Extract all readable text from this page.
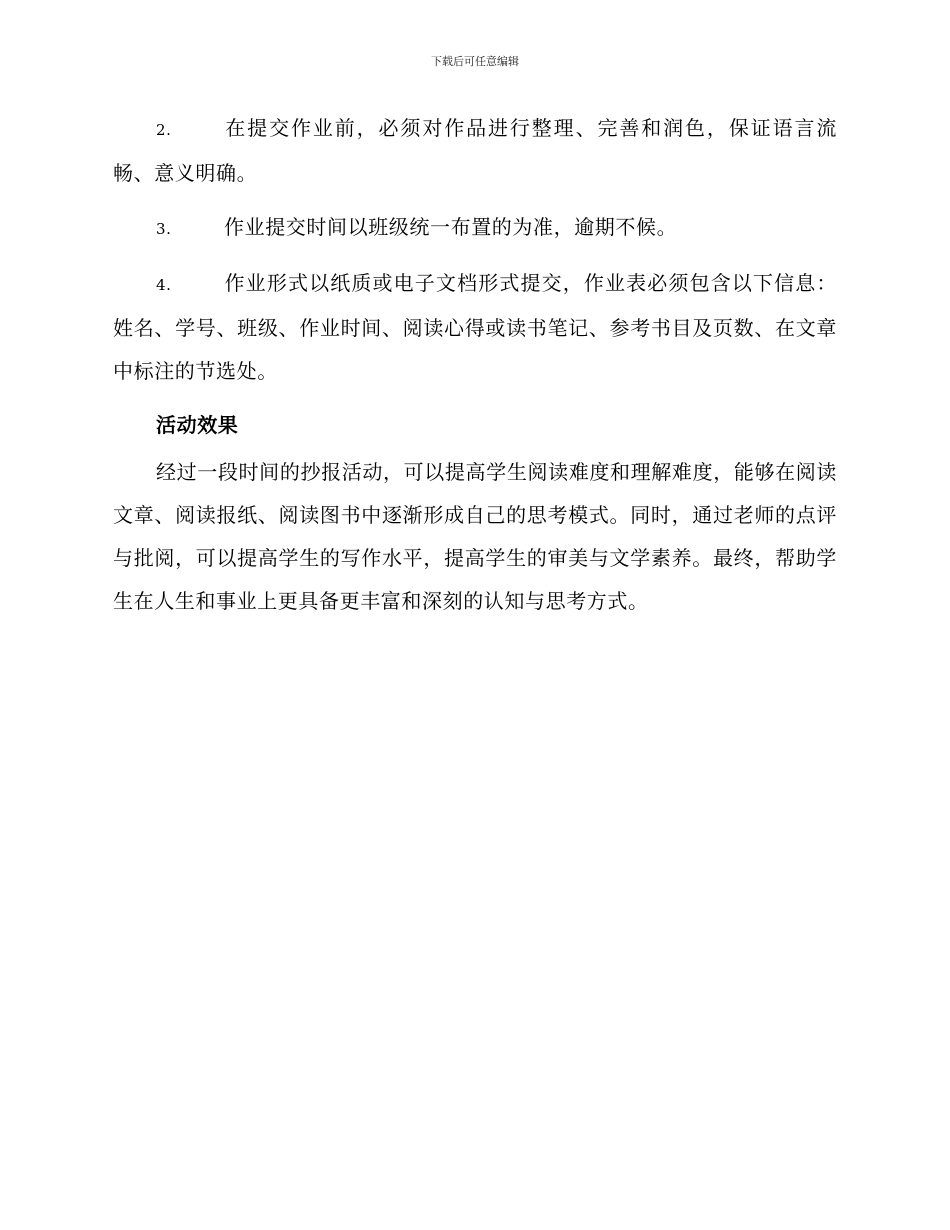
下载后可任意编辑

2.	在提交作业前，必须对作品进行整理、完善和润色，保证语言流畅、意义明确。

3.	作业提交时间以班级统一布置的为准，逾期不候。

4.	作业形式以纸质或电子文档形式提交，作业表必须包含以下信息：姓名、学号、班级、作业时间、阅读心得或读书笔记、参考书目及页数、在文章中标注的节选处。

活动效果

经过一段时间的抄报活动，可以提高学生阅读难度和理解难度，能够在阅读文章、阅读报纸、阅读图书中逐渐形成自己的思考模式。同时，通过老师的点评与批阅，可以提高学生的写作水平，提高学生的审美与文学素养。最终，帮助学生在人生和事业上更具备更丰富和深刻的认知与思考方式。
